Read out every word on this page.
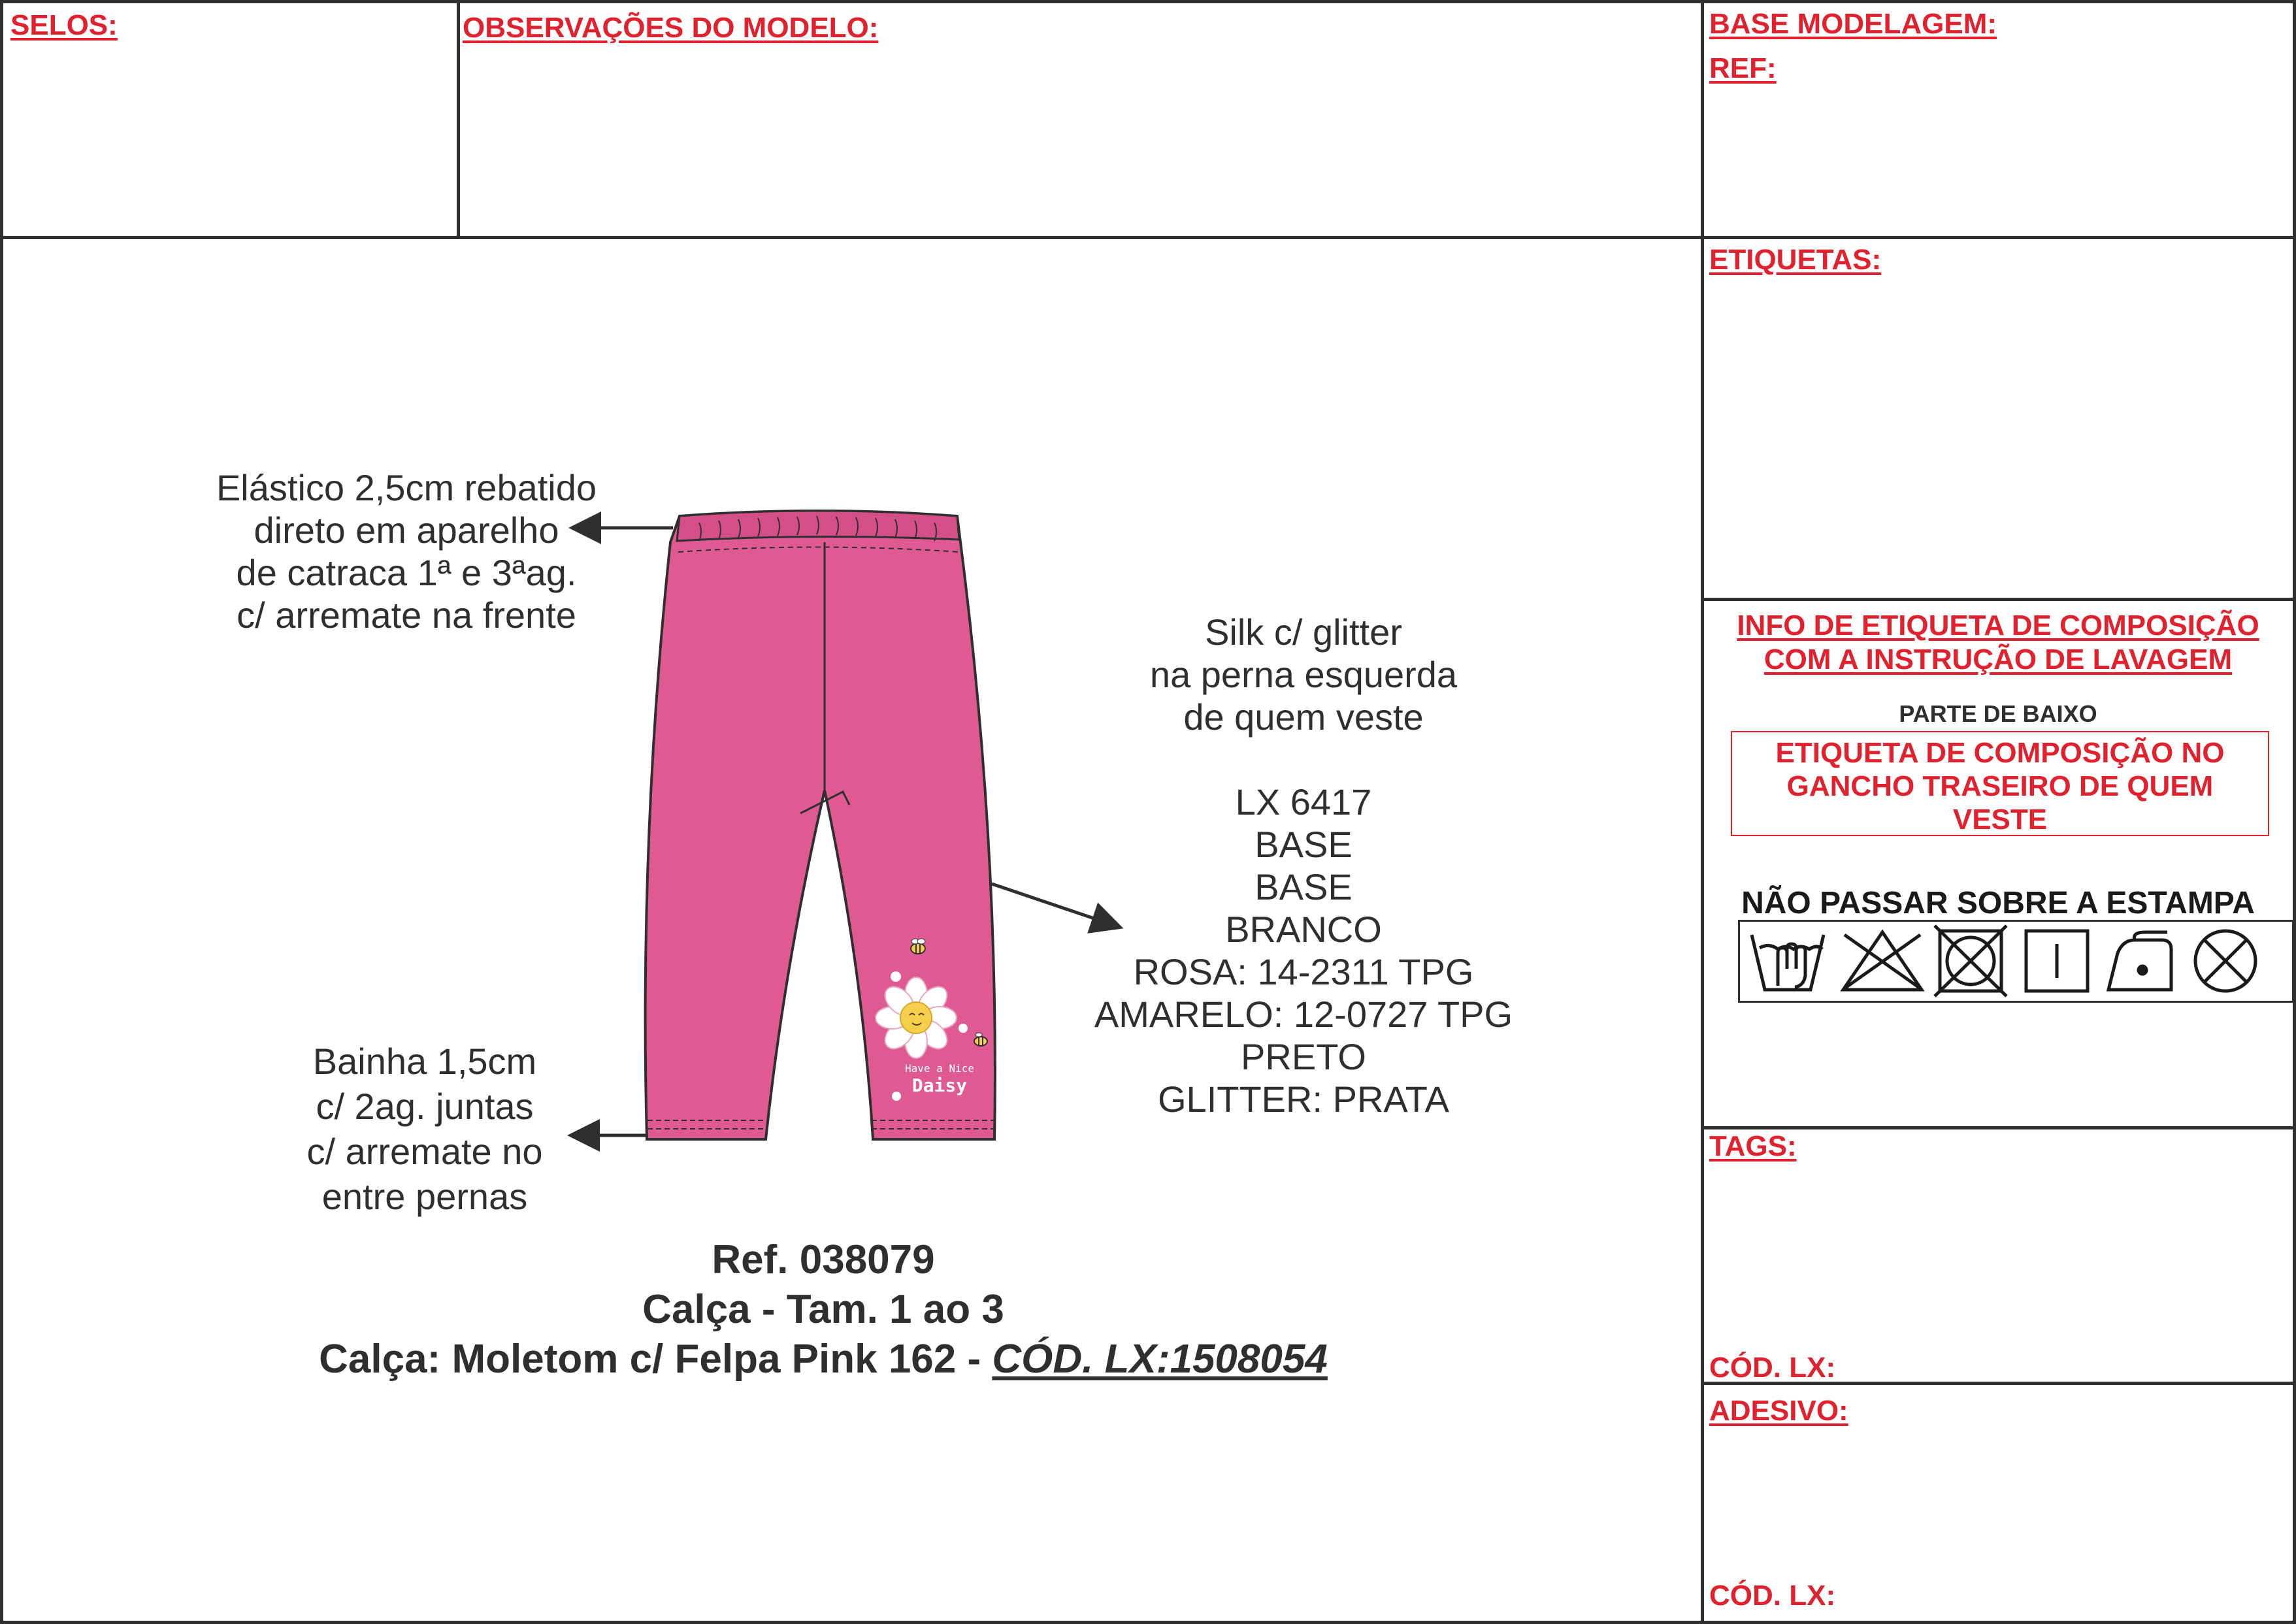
SELOS:	OBSERVAÇÕES DO MODELO:	BASE MODELAGEM:
REF:
ETIQUETAS:
INFO DE ETIQUETA DE COMPOSIÇÃO
COM A INSTRUÇÃO DE LAVAGEM
PARTE DE BAIXO
ETIQUETA DE COMPOSIÇÃO NO
GANCHO TRASEIRO DE QUEM
VESTE
NÃO PASSAR SOBRE A ESTAMPA
TAGS:
CÓD. LX:
ADESIVO:
CÓD. LX:
Elástico 2,5cm rebatido
direto em aparelho
de catraca 1ª e 3ªag.
c/ arremate na frente	Silk c/ glitter
na perna esquerda
de quem veste
LX 6417
BASE
BASE
BRANCO
ROSA: 14-2311 TPG
AMARELO: 12-0727 TPG
PRETO
GLITTER: PRATA
Bainha 1,5cm
c/ 2ag. juntas
c/ arremate no
entre pernas
Have a Nice
Daisy
Ref. 038079
Calça - Tam. 1 ao 3
Calça: Moletom c/ Felpa Pink 162 - CÓD. LX:1508054
